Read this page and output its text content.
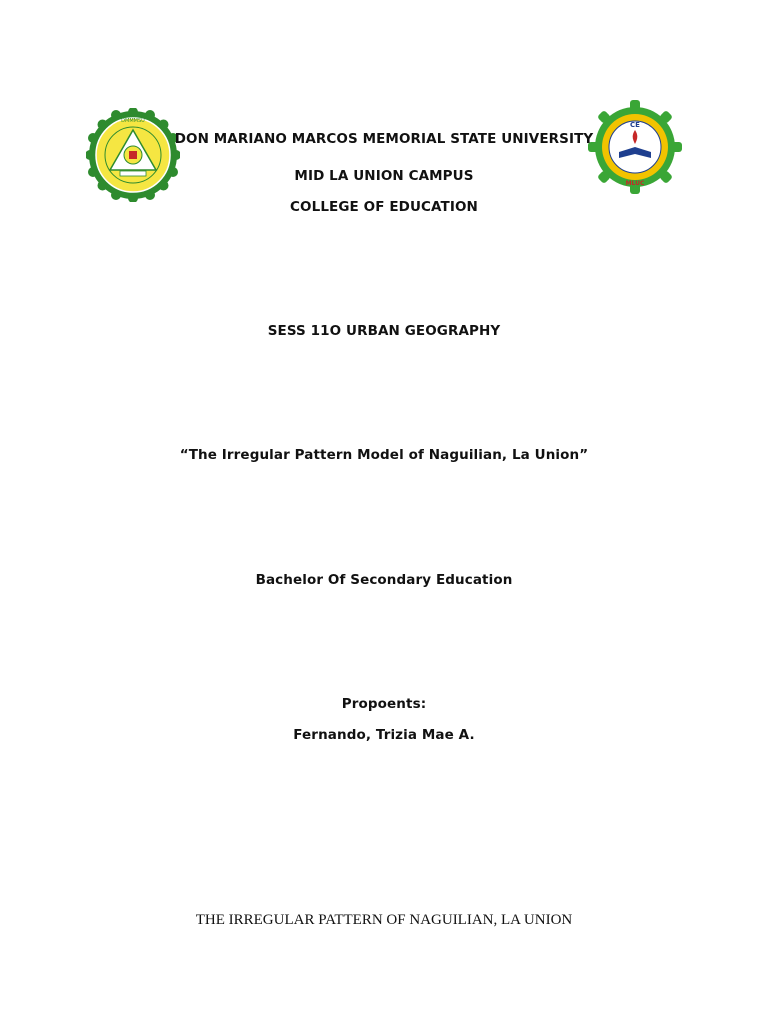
DMMMSU	CE
MLUC
DON MARIANO MARCOS MEMORIAL STATE UNIVERSITY
MID LA UNION CAMPUS
COLLEGE OF EDUCATION
SESS 11O URBAN GEOGRAPHY
“The Irregular Pattern Model of Naguilian, La Union”
Bachelor Of Secondary Education
Propoents:
Fernando, Trizia Mae A.
THE IRREGULAR PATTERN OF NAGUILIAN, LA UNION
